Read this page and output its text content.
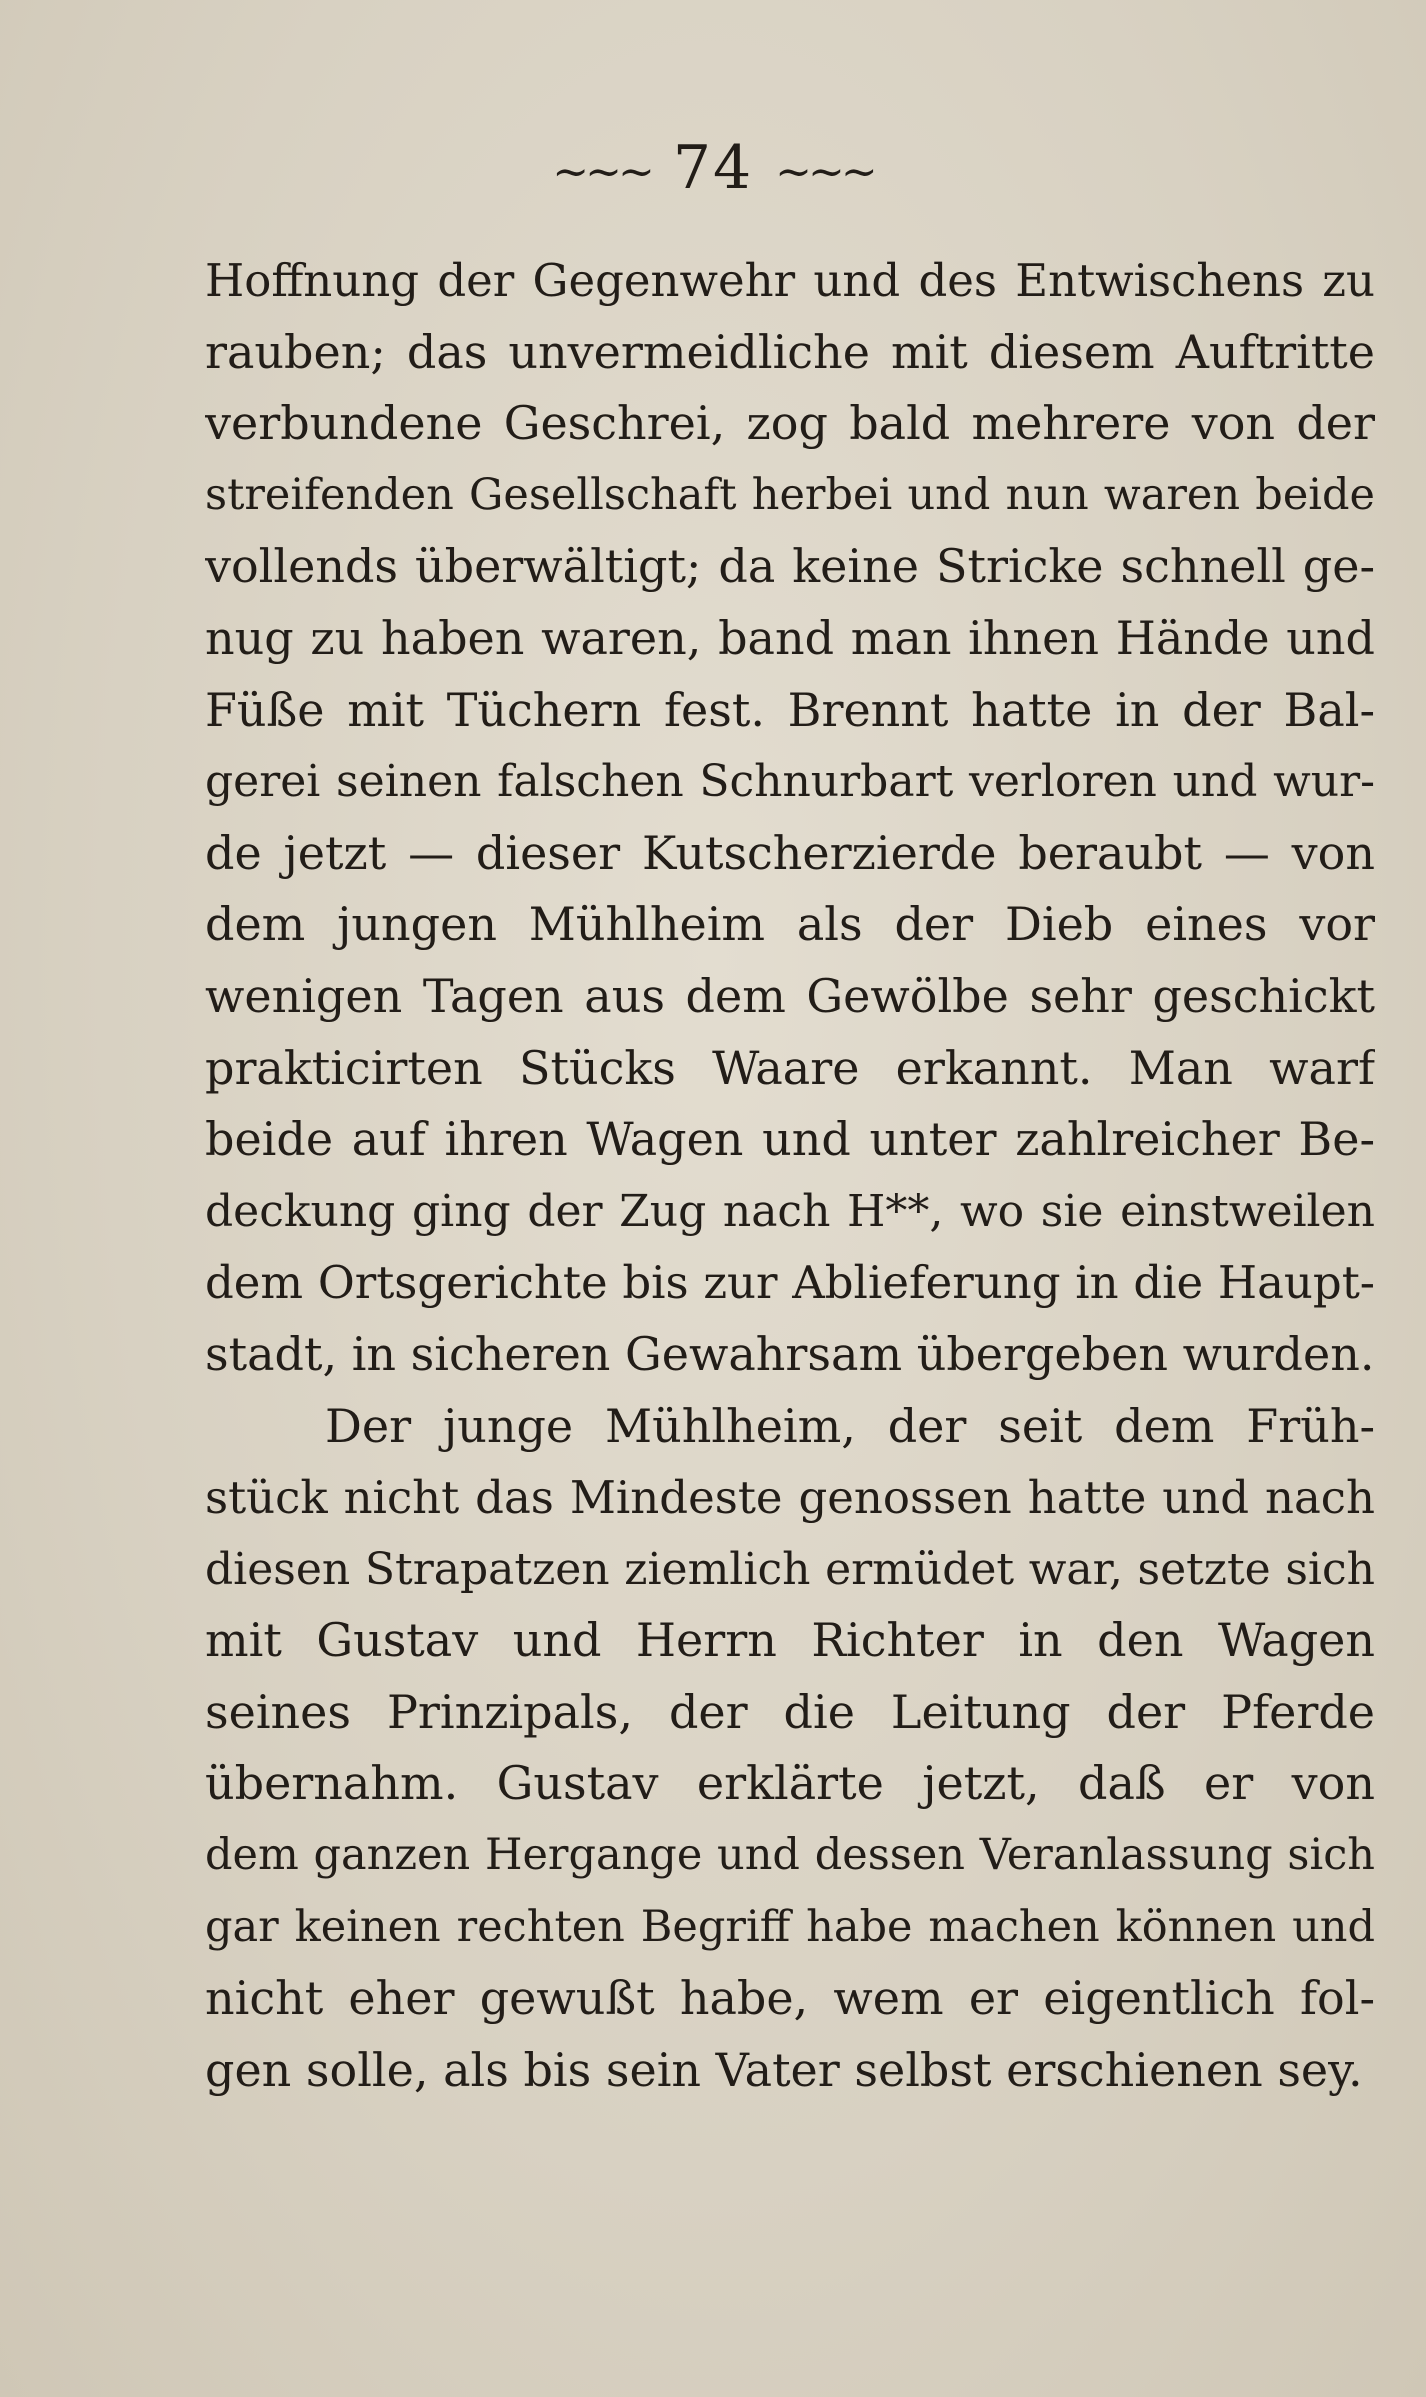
~~~ 74 ~~~
Hoffnung der Gegenwehr und des Entwischens zu
rauben; das unvermeidliche mit diesem Auftritte
verbundene Geschrei, zog bald mehrere von der
streifenden Gesellschaft herbei und nun waren beide
vollends überwältigt; da keine Stricke schnell ge-
nug zu haben waren, band man ihnen Hände und
Füße mit Tüchern fest. Brennt hatte in der Bal-
gerei seinen falschen Schnurbart verloren und wur-
de jetzt — dieser Kutscherzierde beraubt — von
dem jungen Mühlheim als der Dieb eines vor
wenigen Tagen aus dem Gewölbe sehr geschickt
prakticirten Stücks Waare erkannt. Man warf
beide auf ihren Wagen und unter zahlreicher Be-
deckung ging der Zug nach H**, wo sie einstweilen
dem Ortsgerichte bis zur Ablieferung in die Haupt-
stadt, in sicheren Gewahrsam übergeben wurden.
Der junge Mühlheim, der seit dem Früh-
stück nicht das Mindeste genossen hatte und nach
diesen Strapatzen ziemlich ermüdet war, setzte sich
mit Gustav und Herrn Richter in den Wagen
seines Prinzipals, der die Leitung der Pferde
übernahm. Gustav erklärte jetzt, daß er von
dem ganzen Hergange und dessen Veranlassung sich
gar keinen rechten Begriff habe machen können und
nicht eher gewußt habe, wem er eigentlich fol-
gen solle, als bis sein Vater selbst erschienen sey.
